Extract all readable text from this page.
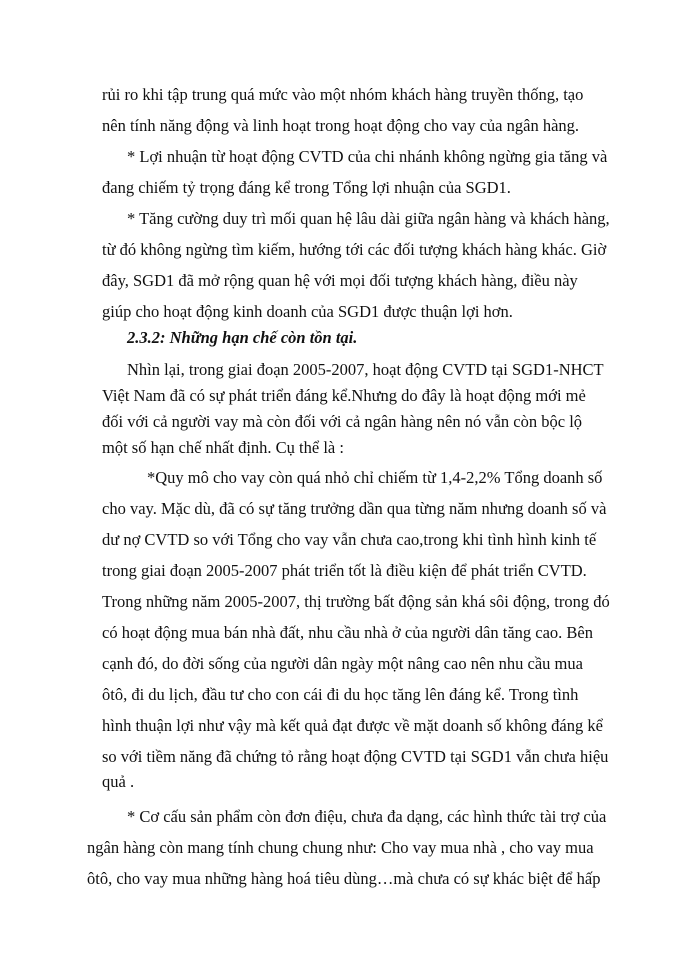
rủi ro khi tập trung quá mức vào một nhóm khách hàng truyền thống, tạo
nên tính năng động và linh hoạt trong hoạt động cho vay của ngân hàng.
* Lợi nhuận từ hoạt động CVTD của chi nhánh không ngừng gia tăng và
đang chiếm tỷ trọng đáng kể trong Tổng lợi nhuận của SGD1.
* Tăng cường duy trì mối quan hệ lâu dài giữa ngân hàng và khách hàng,
từ đó không ngừng tìm kiếm, hướng tới các đối tượng khách hàng khác. Giờ
đây, SGD1 đã mở rộng quan hệ với mọi đối tượng khách hàng, điều này
giúp cho hoạt động kinh doanh của SGD1 được thuận lợi hơn.
2.3.2: Những hạn chế còn tồn tại.
Nhìn lại, trong giai đoạn 2005-2007, hoạt động CVTD tại SGD1-NHCT
Việt Nam đã có sự phát triển đáng kể.Nhưng do đây là hoạt động mới mẻ
đối với cả người vay mà còn đối với cả ngân hàng nên nó vẫn còn bộc lộ
một số hạn chế nhất định. Cụ thể là :
*Quy mô cho vay còn quá nhỏ chỉ chiếm từ 1,4-2,2% Tổng doanh số
cho vay. Mặc dù, đã có sự tăng trưởng dần qua từng năm nhưng doanh số và
dư nợ CVTD so với Tổng cho vay vẫn chưa cao,trong khi tình hình kinh tế
trong giai đoạn 2005-2007 phát triển tốt là điều kiện để phát triển CVTD.
Trong những năm 2005-2007, thị trường bất động sản khá sôi động, trong đó
có hoạt động mua bán nhà đất, nhu cầu nhà ở của người dân tăng cao. Bên
cạnh đó, do đời sống của người dân ngày một nâng cao nên nhu cầu mua
ôtô, đi du lịch, đầu tư cho con cái đi du học tăng lên đáng kể. Trong tình
hình thuận lợi như vậy mà kết quả đạt được về mặt doanh số không đáng kể
so với tiềm năng đã chứng tỏ rằng hoạt động CVTD tại SGD1 vẫn chưa hiệu
quả .
* Cơ cấu sản phẩm còn đơn điệu, chưa đa dạng, các hình thức tài trợ của
ngân hàng còn mang tính chung chung như: Cho vay mua nhà , cho vay mua
ôtô, cho vay mua những hàng hoá tiêu dùng…mà chưa có sự khác biệt để hấp
